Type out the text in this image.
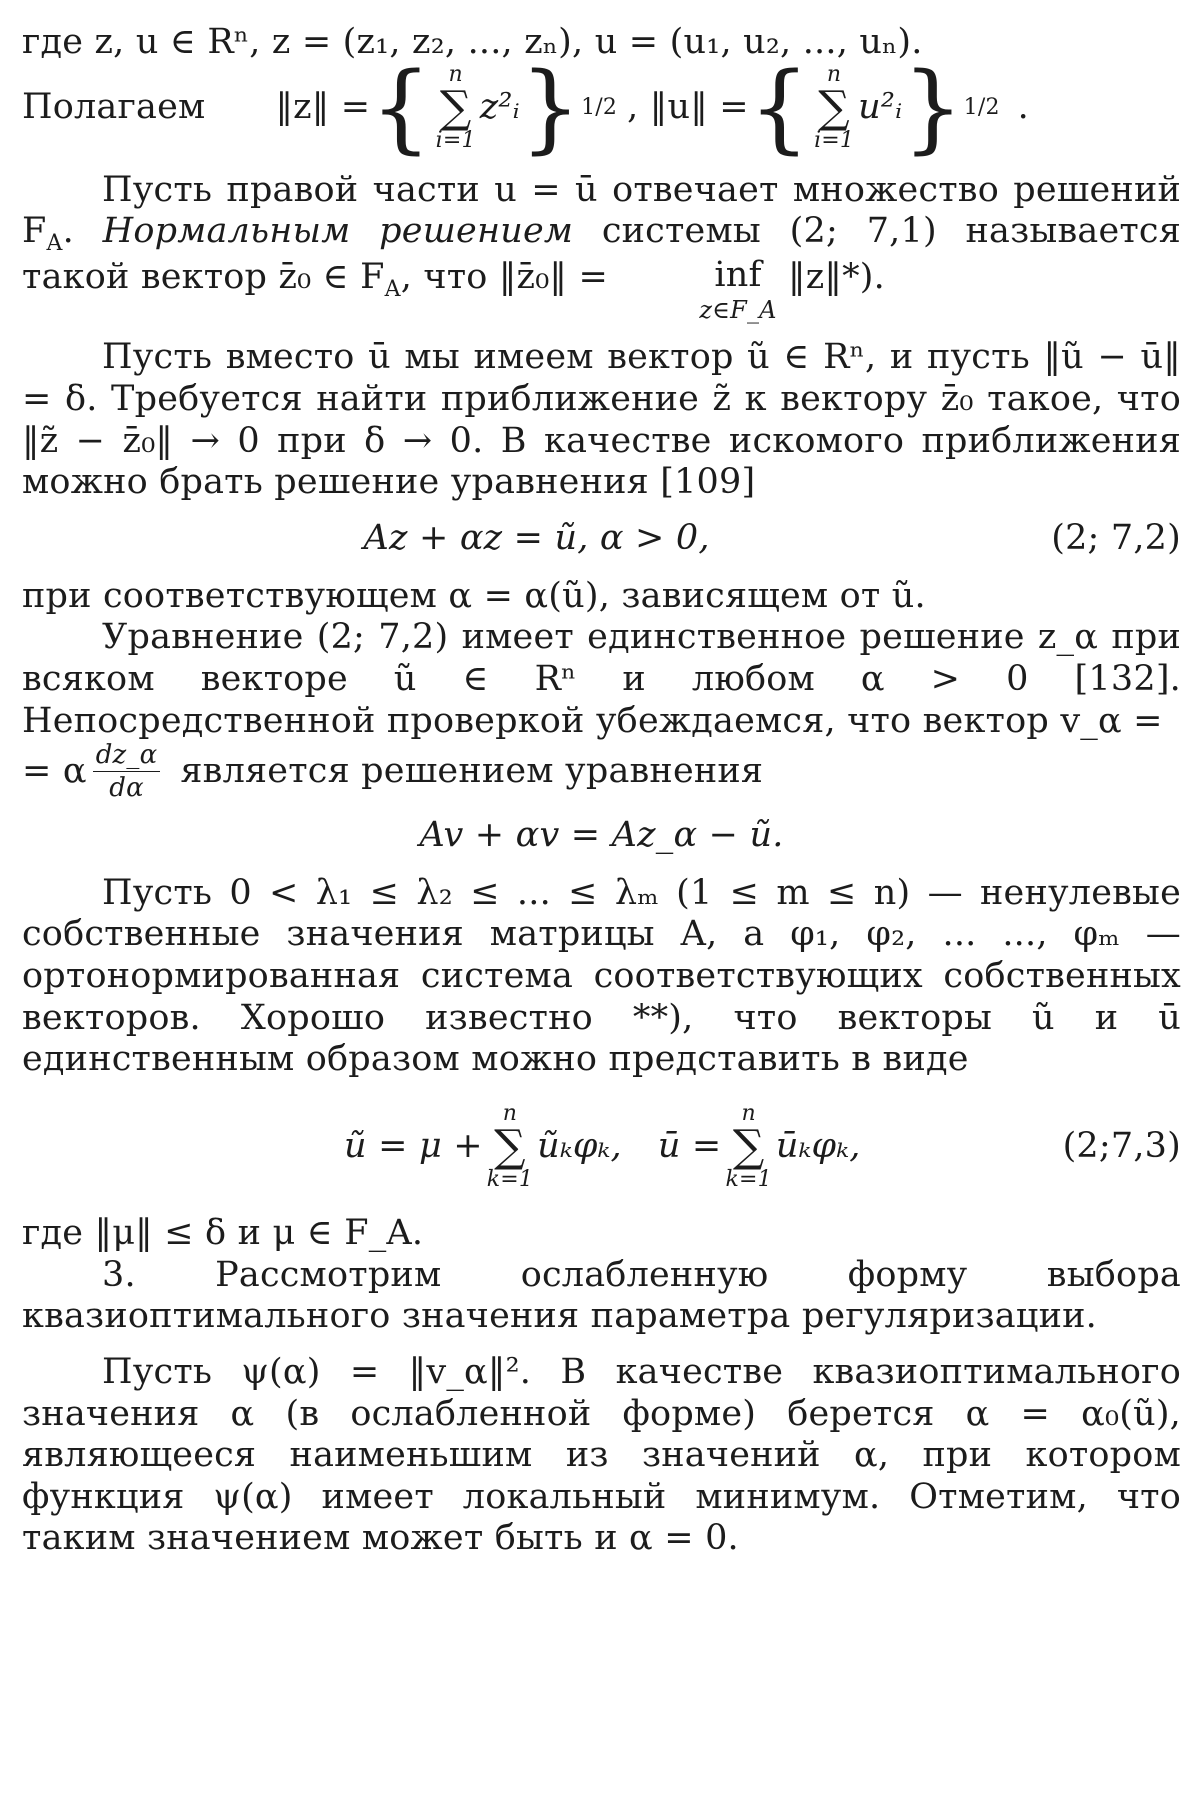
где z, u ∈ Rⁿ, z = (z₁, z₂, ..., zₙ), u = (u₁, u₂, ..., uₙ).

Полагаем ‖z‖ = { n
∑
i=1
z²ᵢ } 1/2 , ‖u‖ = { n
∑
i=1
u²ᵢ } 1/2 .

Пусть правой части u = ū отвечает множество решений $F_A$. Нормальным решением системы (2; 7,1) называется такой вектор z̄₀ ∈ $F_A$, что ‖z̄₀‖ =	inf
z∈F_A
‖z‖*).

Пусть вместо ū мы имеем вектор ũ ∈ Rⁿ, и пусть ‖ũ − ū‖ = δ. Требуется найти приближение z̃ к вектору z̄₀ такое, что ‖z̃ − z̄₀‖ → 0 при δ → 0. В качестве искомого приближения можно брать решение уравнения [109]

Az + αz = ũ, α > 0,	(2; 7,2)

при соответствующем α = α(ũ), зависящем от ũ.

Уравнение (2; 7,2) имеет единственное решение z_α при всяком векторе ũ ∈ Rⁿ и любом α > 0 [132]. Непосредственной проверкой убеждаемся, что вектор v_α =

= α $\frac{dz\_\alpha}{d\alpha}$ является решением уравнения
Av + αv = Az_α − ũ.

Пусть 0 < λ₁ ≤ λ₂ ≤ ... ≤ λₘ (1 ≤ m ≤ n) — ненулевые собственные значения матрицы A, а φ₁, φ₂, ... ..., φₘ — ортонормированная система соответствующих собственных векторов. Хорошо известно **), что векторы ũ и ū единственным образом можно представить в виде

ũ = μ +
n
∑
k=1
ũₖφₖ, ū =
n
∑
k=1
ūₖφₖ,	(2;7,3)

где ‖μ‖ ≤ δ и μ ∈ F_A.

3. Рассмотрим ослабленную форму выбора квазиоптимального значения параметра регуляризации.

Пусть ψ(α) = ‖v_α‖². В качестве квазиоптимального значения α (в ослабленной форме) берется α = α₀(ũ), являющееся наименьшим из значений α, при котором функция ψ(α) имеет локальный минимум. Отметим, что таким значением может быть и α = 0.
